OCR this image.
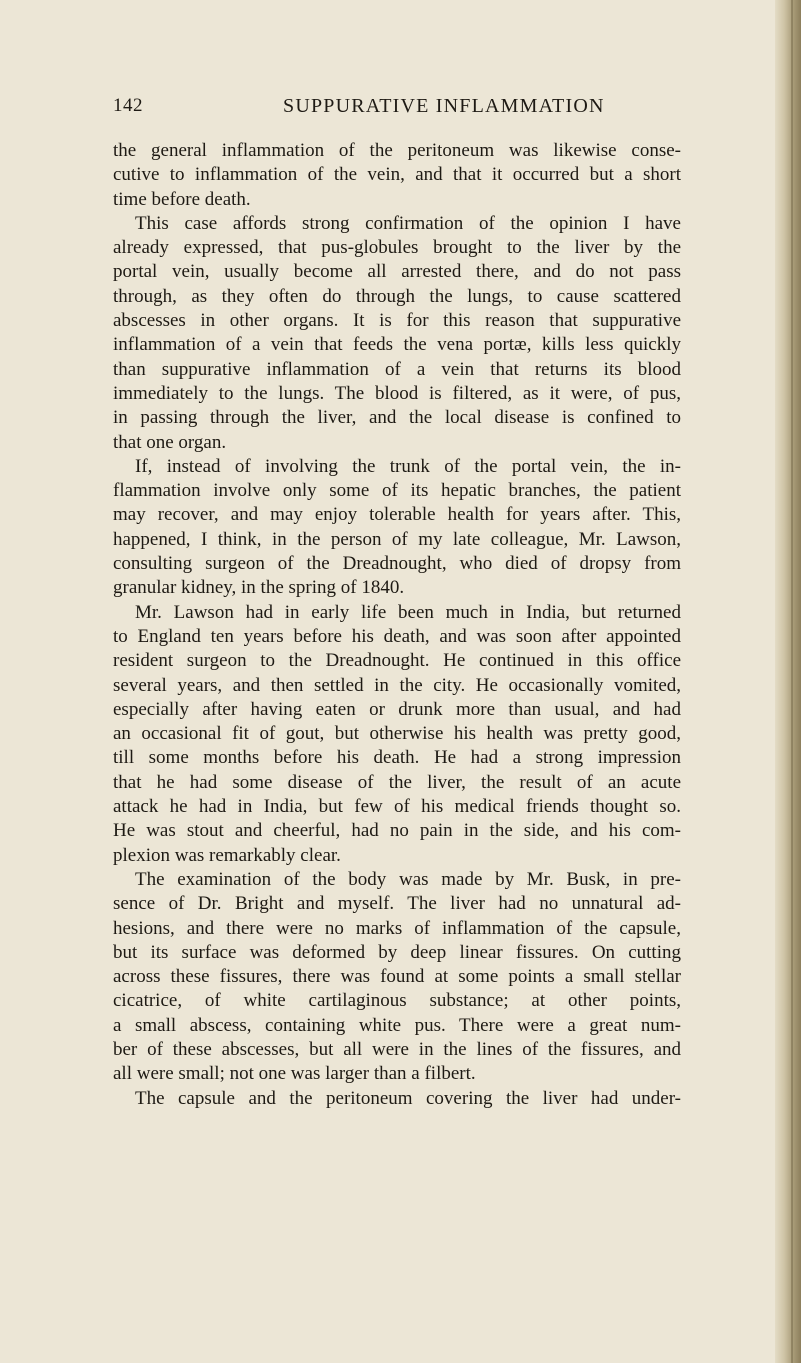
142	SUPPURATIVE INFLAMMATION
the general inflammation of the peritoneum was likewise conse-
cutive to inflammation of the vein, and that it occurred but a short
time before death.
This case affords strong confirmation of the opinion I have
already expressed, that pus-globules brought to the liver by the
portal vein, usually become all arrested there, and do not pass
through, as they often do through the lungs, to cause scattered
abscesses in other organs. It is for this reason that suppurative
inflammation of a vein that feeds the vena portæ, kills less quickly
than suppurative inflammation of a vein that returns its blood
immediately to the lungs. The blood is filtered, as it were, of pus,
in passing through the liver, and the local disease is confined to
that one organ.
If, instead of involving the trunk of the portal vein, the in-
flammation involve only some of its hepatic branches, the patient
may recover, and may enjoy tolerable health for years after. This,
happened, I think, in the person of my late colleague, Mr. Lawson,
consulting surgeon of the Dreadnought, who died of dropsy from
granular kidney, in the spring of 1840.
Mr. Lawson had in early life been much in India, but returned
to England ten years before his death, and was soon after appointed
resident surgeon to the Dreadnought. He continued in this office
several years, and then settled in the city. He occasionally vomited,
especially after having eaten or drunk more than usual, and had
an occasional fit of gout, but otherwise his health was pretty good,
till some months before his death. He had a strong impression
that he had some disease of the liver, the result of an acute
attack he had in India, but few of his medical friends thought so.
He was stout and cheerful, had no pain in the side, and his com-
plexion was remarkably clear.
The examination of the body was made by Mr. Busk, in pre-
sence of Dr. Bright and myself. The liver had no unnatural ad-
hesions, and there were no marks of inflammation of the capsule,
but its surface was deformed by deep linear fissures. On cutting
across these fissures, there was found at some points a small stellar
cicatrice, of white cartilaginous substance; at other points,
a small abscess, containing white pus. There were a great num-
ber of these abscesses, but all were in the lines of the fissures, and
all were small; not one was larger than a filbert.
The capsule and the peritoneum covering the liver had under-
